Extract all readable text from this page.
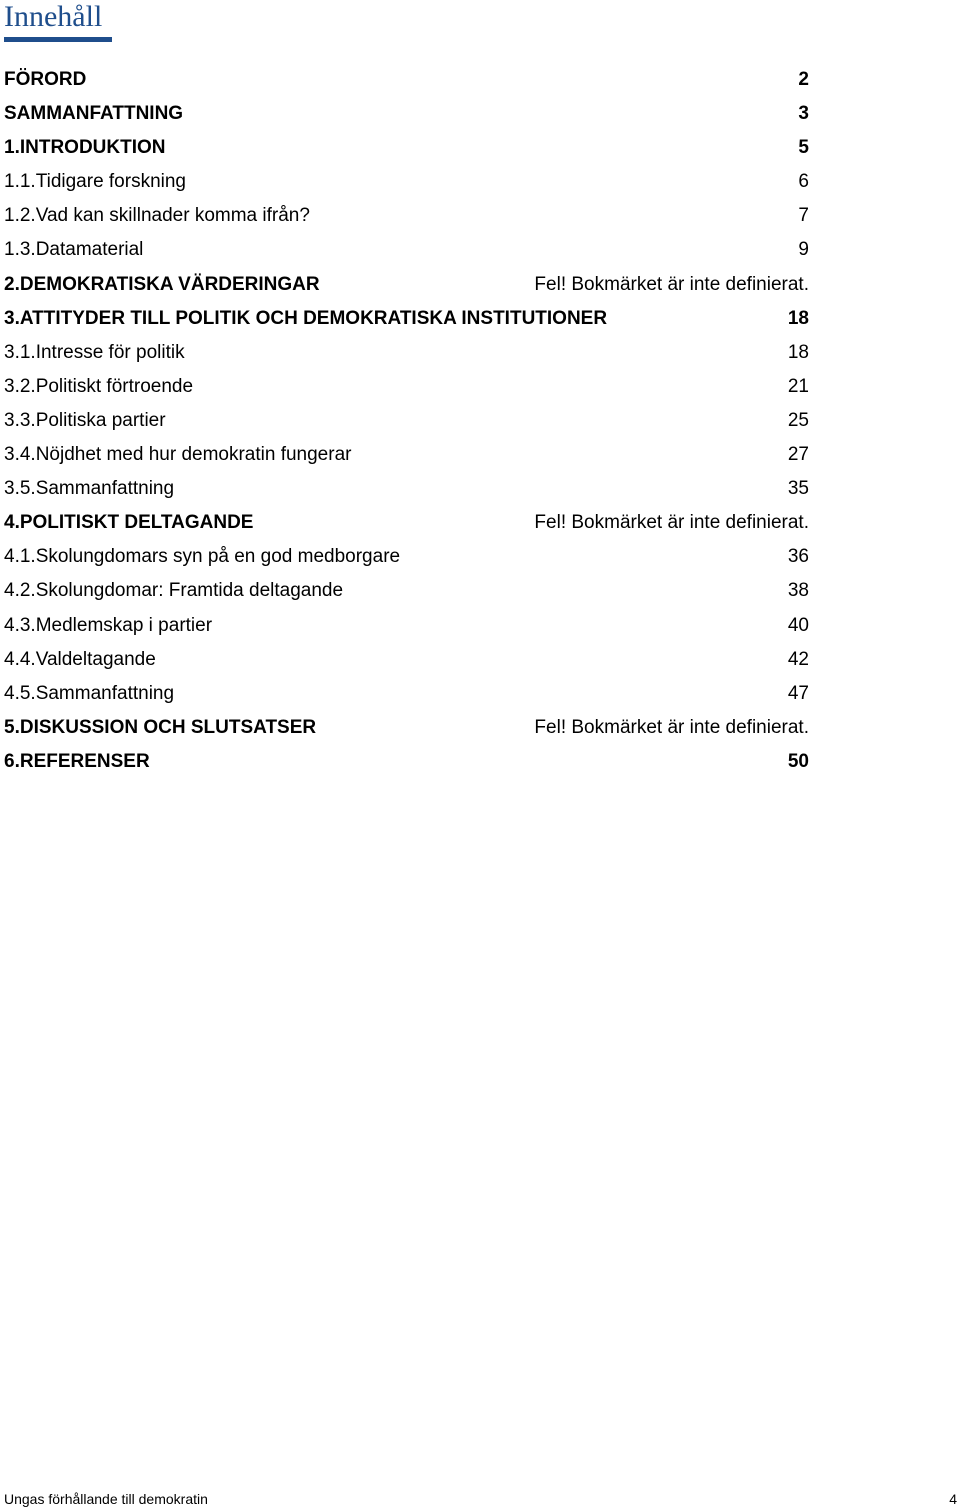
Innehåll
FÖRORD	2
SAMMANFATTNING	3
1.INTRODUKTION	5
1.1.Tidigare forskning	6
1.2.Vad kan skillnader komma ifrån?	7
1.3.Datamaterial	9
2.DEMOKRATISKA VÄRDERINGAR	Fel! Bokmärket är inte definierat.
3.ATTITYDER TILL POLITIK OCH DEMOKRATISKA INSTITUTIONER	18
3.1.Intresse för politik	18
3.2.Politiskt förtroende	21
3.3.Politiska partier	25
3.4.Nöjdhet med hur demokratin fungerar	27
3.5.Sammanfattning	35
4.POLITISKT DELTAGANDE	Fel! Bokmärket är inte definierat.
4.1.Skolungdomars syn på en god medborgare	36
4.2.Skolungdomar: Framtida deltagande	38
4.3.Medlemskap i partier	40
4.4.Valdeltagande	42
4.5.Sammanfattning	47
5.DISKUSSION OCH SLUTSATSER	Fel! Bokmärket är inte definierat.
6.REFERENSER	50
Ungas förhållande till demokratin	4
